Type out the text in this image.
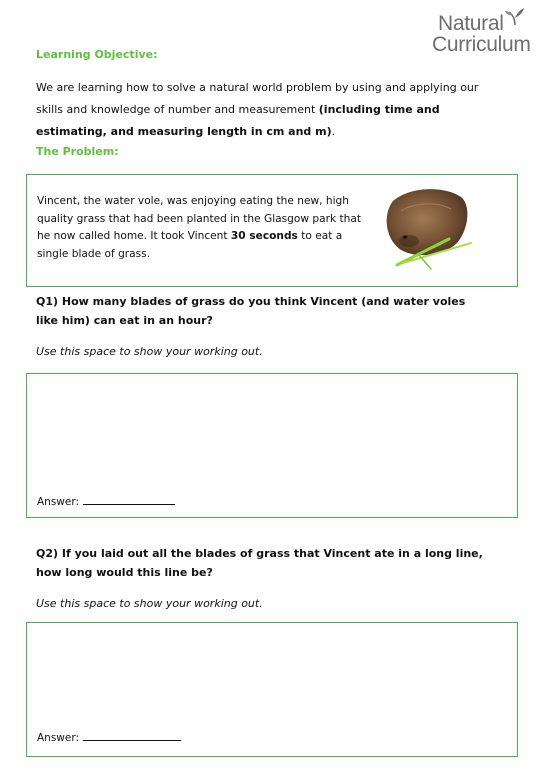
Natural
Curriculum
Learning Objective:
We are learning how to solve a natural world problem by using and applying our skills and knowledge of number and measurement (including time and estimating, and measuring length in cm and m).
The Problem:
Vincent, the water vole, was enjoying eating the new, high quality grass that had been planted in the Glasgow park that he now called home. It took Vincent 30 seconds to eat a single blade of grass.
Q1) How many blades of grass do you think Vincent (and water voles like him) can eat in an hour?
Use this space to show your working out.
Answer:
Q2) If you laid out all the blades of grass that Vincent ate in a long line, how long would this line be?
Use this space to show your working out.
Answer:
